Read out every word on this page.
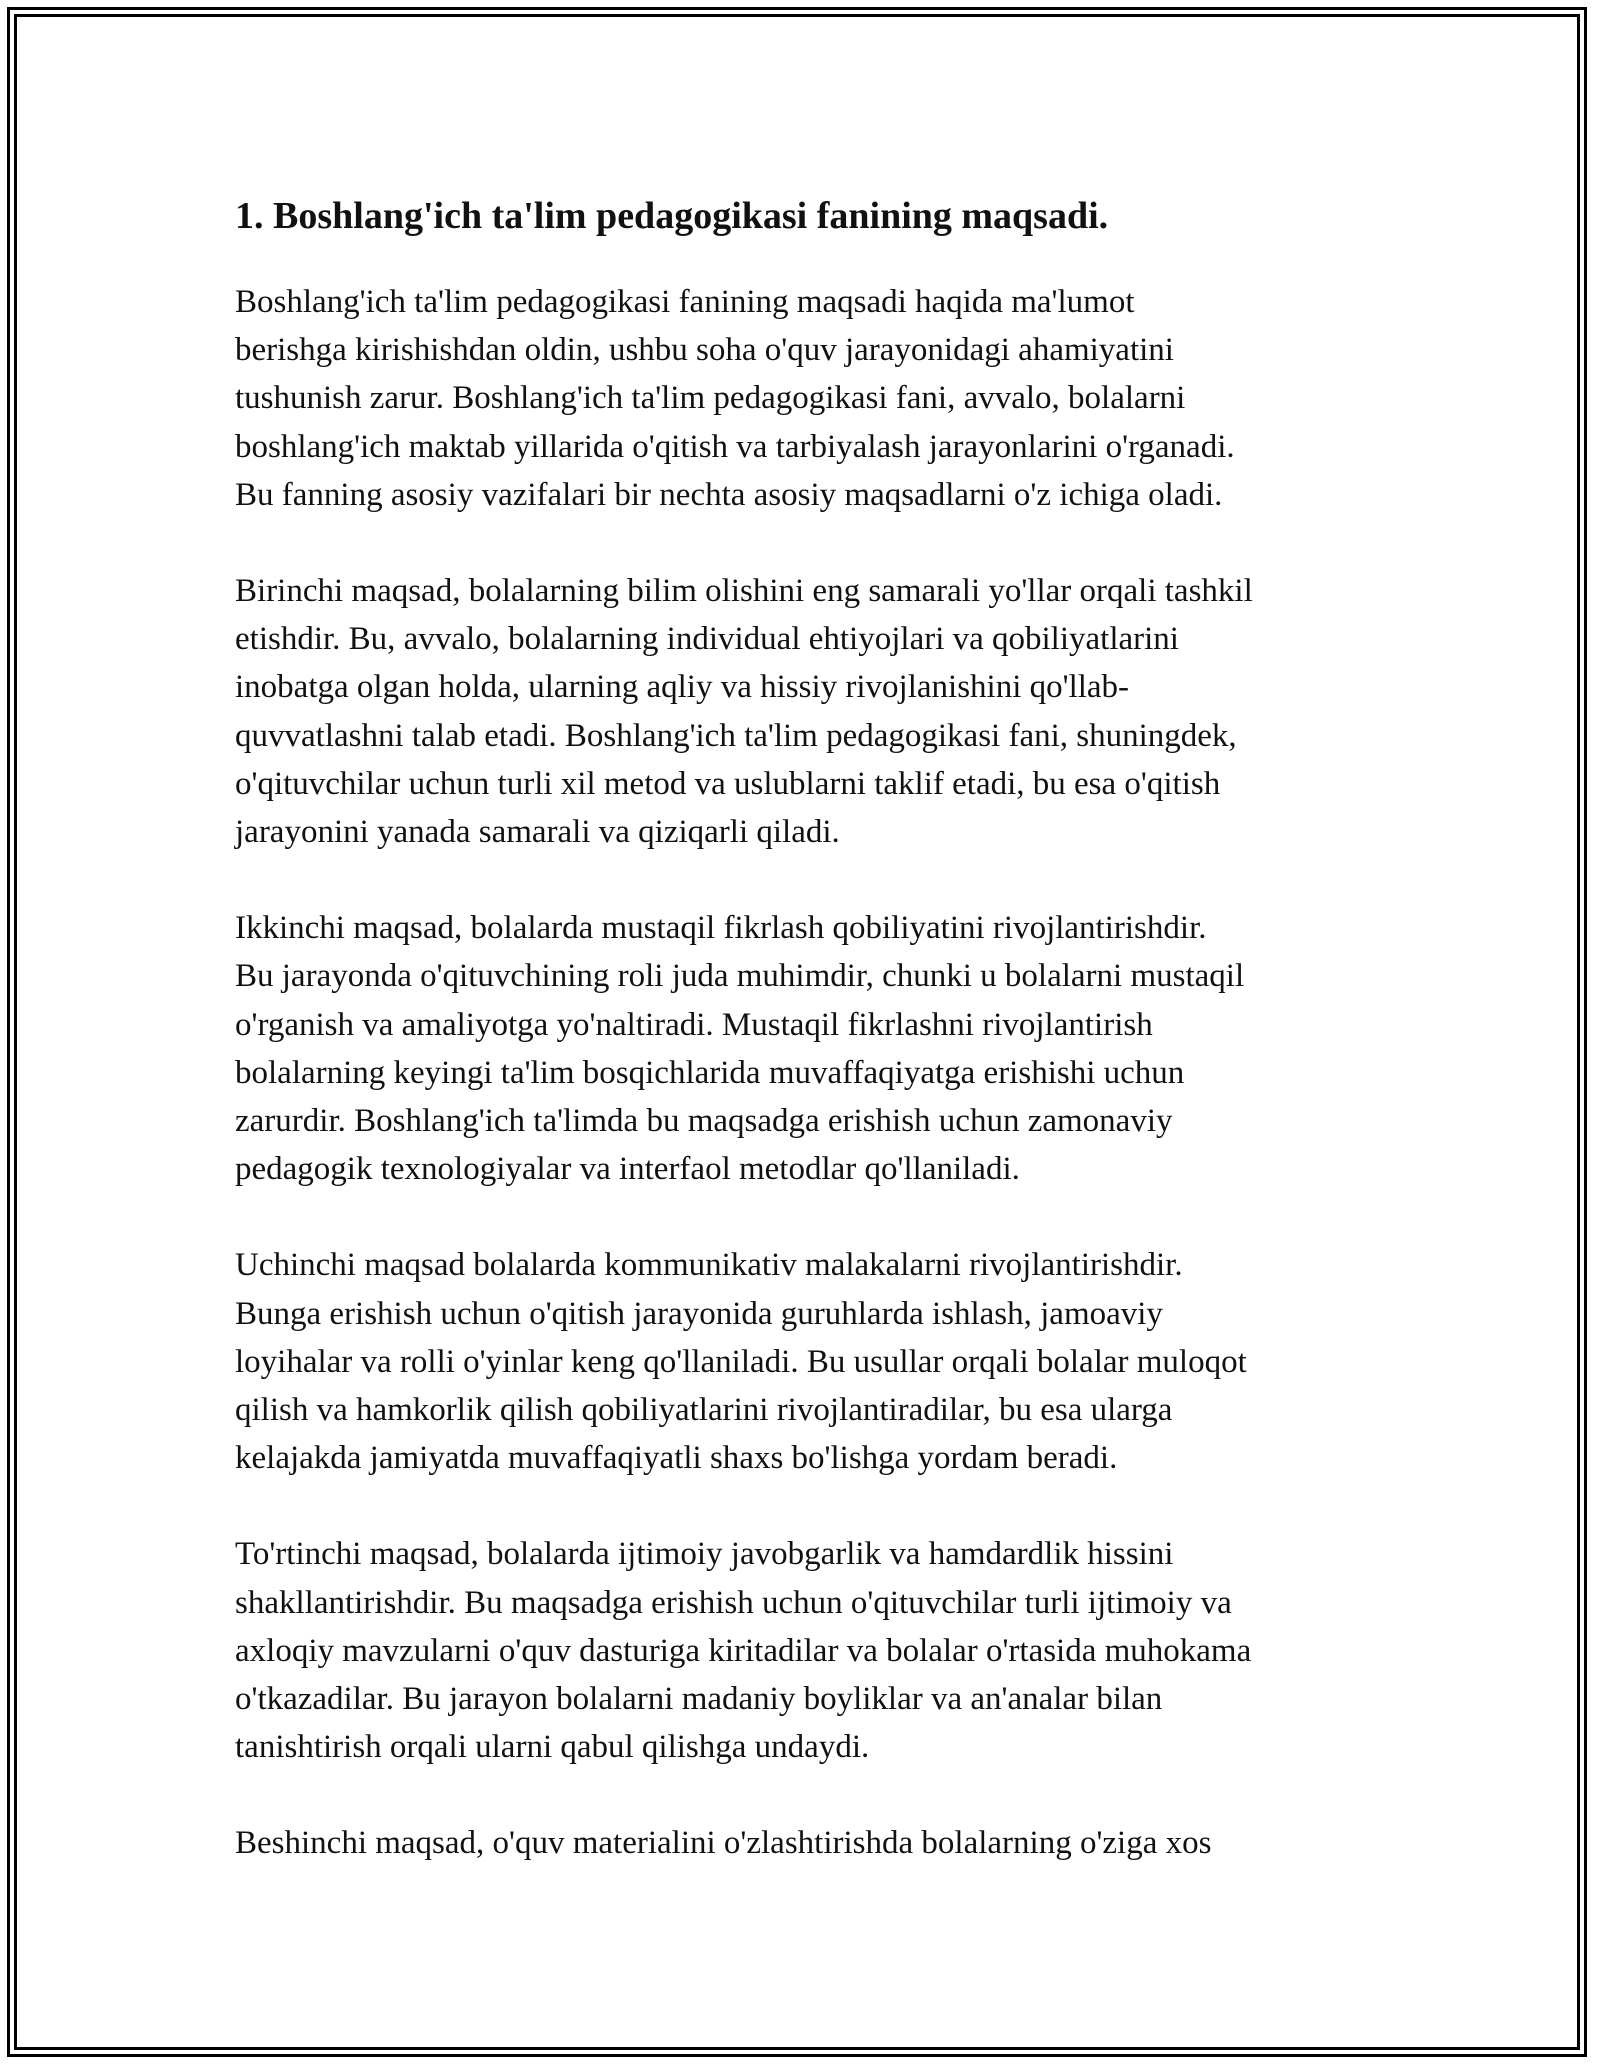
1. Boshlang'ich ta'lim pedagogikasi fanining maqsadi.

Boshlang'ich ta'lim pedagogikasi fanining maqsadi haqida ma'lumot
berishga kirishishdan oldin, ushbu soha o'quv jarayonidagi ahamiyatini
tushunish zarur. Boshlang'ich ta'lim pedagogikasi fani, avvalo, bolalarni
boshlang'ich maktab yillarida o'qitish va tarbiyalash jarayonlarini o'rganadi.
Bu fanning asosiy vazifalari bir nechta asosiy maqsadlarni o'z ichiga oladi.

Birinchi maqsad, bolalarning bilim olishini eng samarali yo'llar orqali tashkil
etishdir. Bu, avvalo, bolalarning individual ehtiyojlari va qobiliyatlarini
inobatga olgan holda, ularning aqliy va hissiy rivojlanishini qo'llab-
quvvatlashni talab etadi. Boshlang'ich ta'lim pedagogikasi fani, shuningdek,
o'qituvchilar uchun turli xil metod va uslublarni taklif etadi, bu esa o'qitish
jarayonini yanada samarali va qiziqarli qiladi.

Ikkinchi maqsad, bolalarda mustaqil fikrlash qobiliyatini rivojlantirishdir.
Bu jarayonda o'qituvchining roli juda muhimdir, chunki u bolalarni mustaqil
o'rganish va amaliyotga yo'naltiradi. Mustaqil fikrlashni rivojlantirish
bolalarning keyingi ta'lim bosqichlarida muvaffaqiyatga erishishi uchun
zarurdir. Boshlang'ich ta'limda bu maqsadga erishish uchun zamonaviy
pedagogik texnologiyalar va interfaol metodlar qo'llaniladi.

Uchinchi maqsad bolalarda kommunikativ malakalarni rivojlantirishdir.
Bunga erishish uchun o'qitish jarayonida guruhlarda ishlash, jamoaviy
loyihalar va rolli o'yinlar keng qo'llaniladi. Bu usullar orqali bolalar muloqot
qilish va hamkorlik qilish qobiliyatlarini rivojlantiradilar, bu esa ularga
kelajakda jamiyatda muvaffaqiyatli shaxs bo'lishga yordam beradi.

To'rtinchi maqsad, bolalarda ijtimoiy javobgarlik va hamdardlik hissini
shakllantirishdir. Bu maqsadga erishish uchun o'qituvchilar turli ijtimoiy va
axloqiy mavzularni o'quv dasturiga kiritadilar va bolalar o'rtasida muhokama
o'tkazadilar. Bu jarayon bolalarni madaniy boyliklar va an'analar bilan
tanishtirish orqali ularni qabul qilishga undaydi.

Beshinchi maqsad, o'quv materialini o'zlashtirishda bolalarning o'ziga xos
